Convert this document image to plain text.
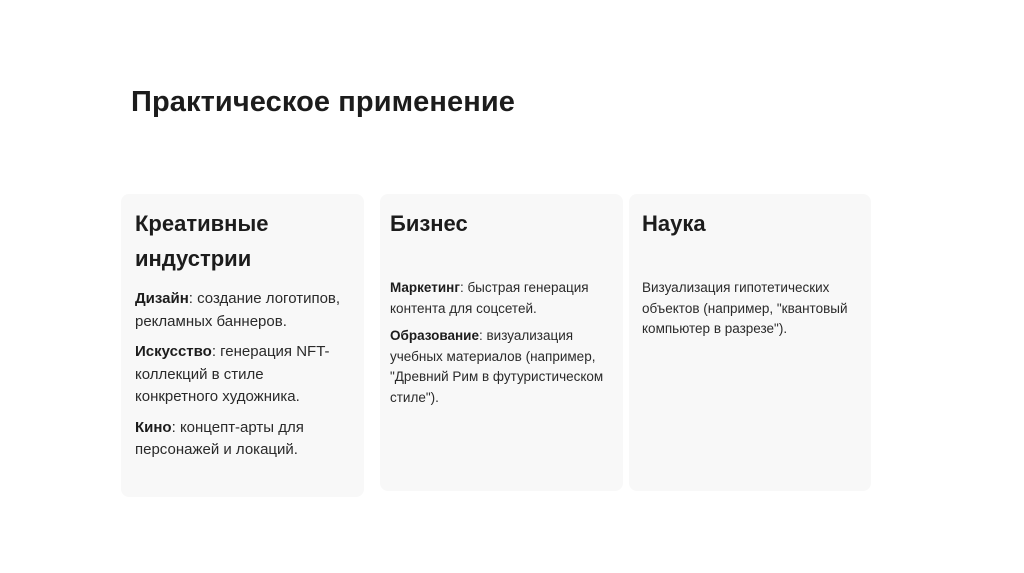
Практическое применение
Креативные индустрии

Дизайн: создание логотипов, рекламных баннеров.

Искусство: генерация NFT-коллекций в стиле конкретного художника.

Кино: концепт-арты для персонажей и локаций.

Бизнес

Маркетинг: быстрая генерация контента для соцсетей.

Образование: визуализация учебных материалов (например, "Древний Рим в футуристическом стиле").

Наука

Визуализация гипотетических объектов (например, "квантовый компьютер в разрезе").
